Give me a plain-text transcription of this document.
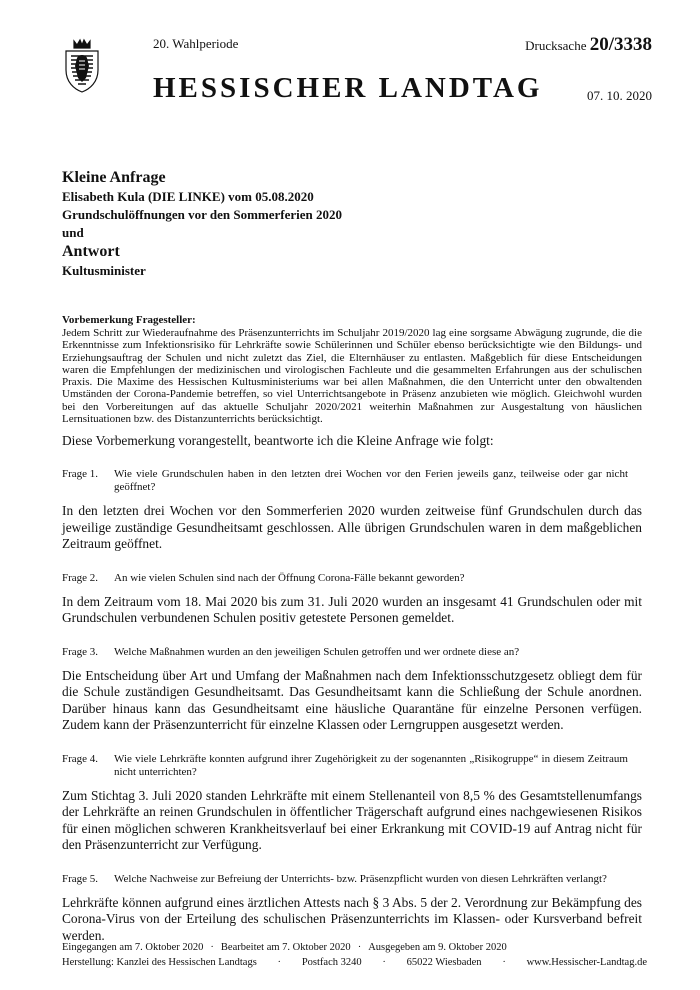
20. Wahlperiode	Drucksache 20/3338
HESSISCHER LANDTAG	07. 10. 2020
Kleine Anfrage
Elisabeth Kula (DIE LINKE) vom 05.08.2020
Grundschulöffnungen vor den Sommerferien 2020
und
Antwort
Kultusminister
Vorbemerkung Fragesteller:

Jedem Schritt zur Wiederaufnahme des Präsenzunterrichts im Schuljahr 2019/2020 lag eine sorgsame Abwägung zugrunde, die die Erkenntnisse zum Infektionsrisiko für Lehrkräfte sowie Schülerinnen und Schüler ebenso berücksichtigte wie den Bildungs- und Erziehungsauftrag der Schulen und nicht zuletzt das Ziel, die Elternhäuser zu entlasten. Maßgeblich für diese Entscheidungen waren die Empfehlungen der medizinischen und virologischen Fachleute und die gesammelten Erfahrungen aus der schulischen Praxis. Die Maxime des Hessischen Kultusministeriums war bei allen Maßnahmen, die den Unterricht unter den obwaltenden Umständen der Corona-Pandemie betreffen, so viel Unterrichtsangebote in Präsenz anzubieten wie möglich. Gleichwohl wurden bei den Vorbereitungen auf das aktuelle Schuljahr 2020/2021 weiterhin Maßnahmen zur Ausgestaltung von häuslichen Lernsituationen bzw. des Distanzunterrichts berücksichtigt.

Diese Vorbemerkung vorangestellt, beantworte ich die Kleine Anfrage wie folgt:

Frage 1.	Wie viele Grundschulen haben in den letzten drei Wochen vor den Ferien jeweils ganz, teilweise oder gar nicht geöffnet?

In den letzten drei Wochen vor den Sommerferien 2020 wurden zeitweise fünf Grundschulen durch das jeweilige zuständige Gesundheitsamt geschlossen. Alle übrigen Grundschulen waren in dem maßgeblichen Zeitraum geöffnet.

Frage 2.	An wie vielen Schulen sind nach der Öffnung Corona-Fälle bekannt geworden?

In dem Zeitraum vom 18. Mai 2020 bis zum 31. Juli 2020 wurden an insgesamt 41 Grundschulen oder mit Grundschulen verbundenen Schulen positiv getestete Personen gemeldet.

Frage 3.	Welche Maßnahmen wurden an den jeweiligen Schulen getroffen und wer ordnete diese an?

Die Entscheidung über Art und Umfang der Maßnahmen nach dem Infektionsschutzgesetz obliegt dem für die Schule zuständigen Gesundheitsamt. Das Gesundheitsamt kann die Schließung der Schule anordnen. Darüber hinaus kann das Gesundheitsamt eine häusliche Quarantäne für einzelne Personen verfügen. Zudem kann der Präsenzunterricht für einzelne Klassen oder Lerngruppen ausgesetzt werden.

Frage 4.	Wie viele Lehrkräfte konnten aufgrund ihrer Zugehörigkeit zu der sogenannten „Risikogruppe“ in diesem Zeitraum nicht unterrichten?

Zum Stichtag 3. Juli 2020 standen Lehrkräfte mit einem Stellenanteil von 8,5 % des Gesamtstellenumfangs der Lehrkräfte an reinen Grundschulen in öffentlicher Trägerschaft aufgrund eines nachgewiesenen Risikos für einen möglichen schweren Krankheitsverlauf bei einer Erkrankung mit COVID-19 auf Antrag nicht für den Präsenzunterricht zur Verfügung.

Frage 5.	Welche Nachweise zur Befreiung der Unterrichts- bzw. Präsenzpflicht wurden von diesen Lehrkräften verlangt?

Lehrkräfte können aufgrund eines ärztlichen Attests nach § 3 Abs. 5 der 2. Verordnung zur Bekämpfung des Corona-Virus von der Erteilung des schulischen Präsenzunterrichts im Klassen- oder Kursverband befreit werden.

Eingegangen am 7. Oktober 2020 · Bearbeitet am 7. Oktober 2020 · Ausgegeben am 9. Oktober 2020
Herstellung: Kanzlei des Hessischen Landtags · Postfach 3240 · 65022 Wiesbaden · www.Hessischer-Landtag.de
